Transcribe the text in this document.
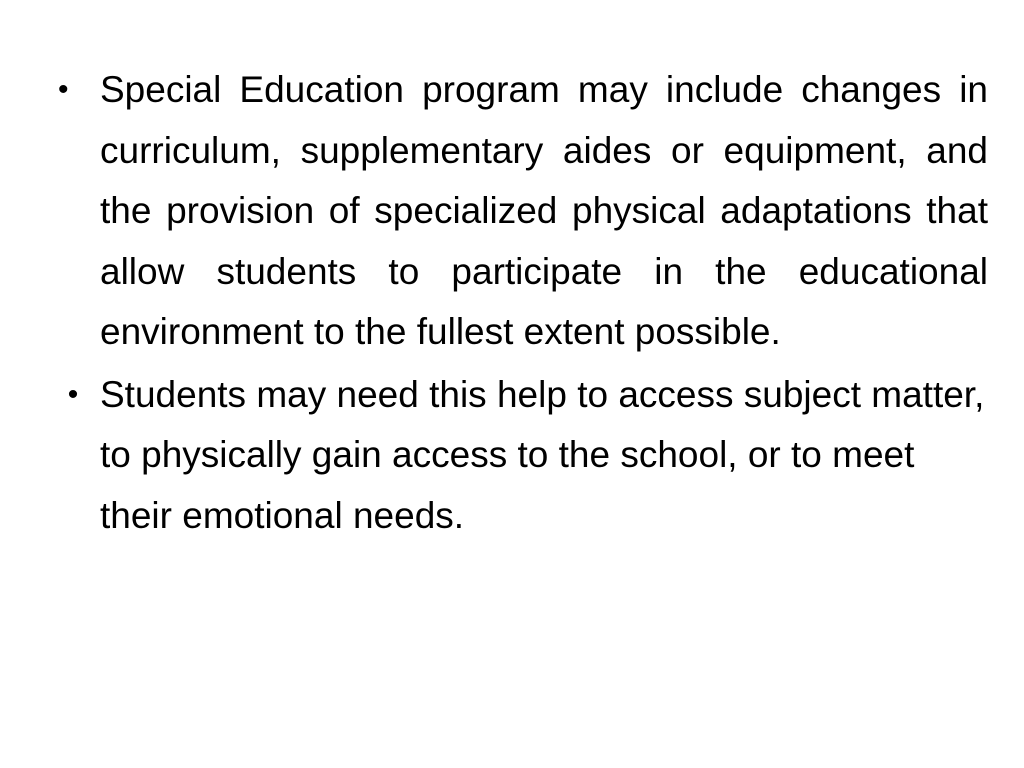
• Special Education program may include changes in curriculum, supplementary aides or equipment, and the provision of specialized physical adaptations that allow students to participate in the educational environment to the fullest extent possible.
• Students may need this help to access subject matter, to physically gain access to the school, or to meet their emotional needs.
